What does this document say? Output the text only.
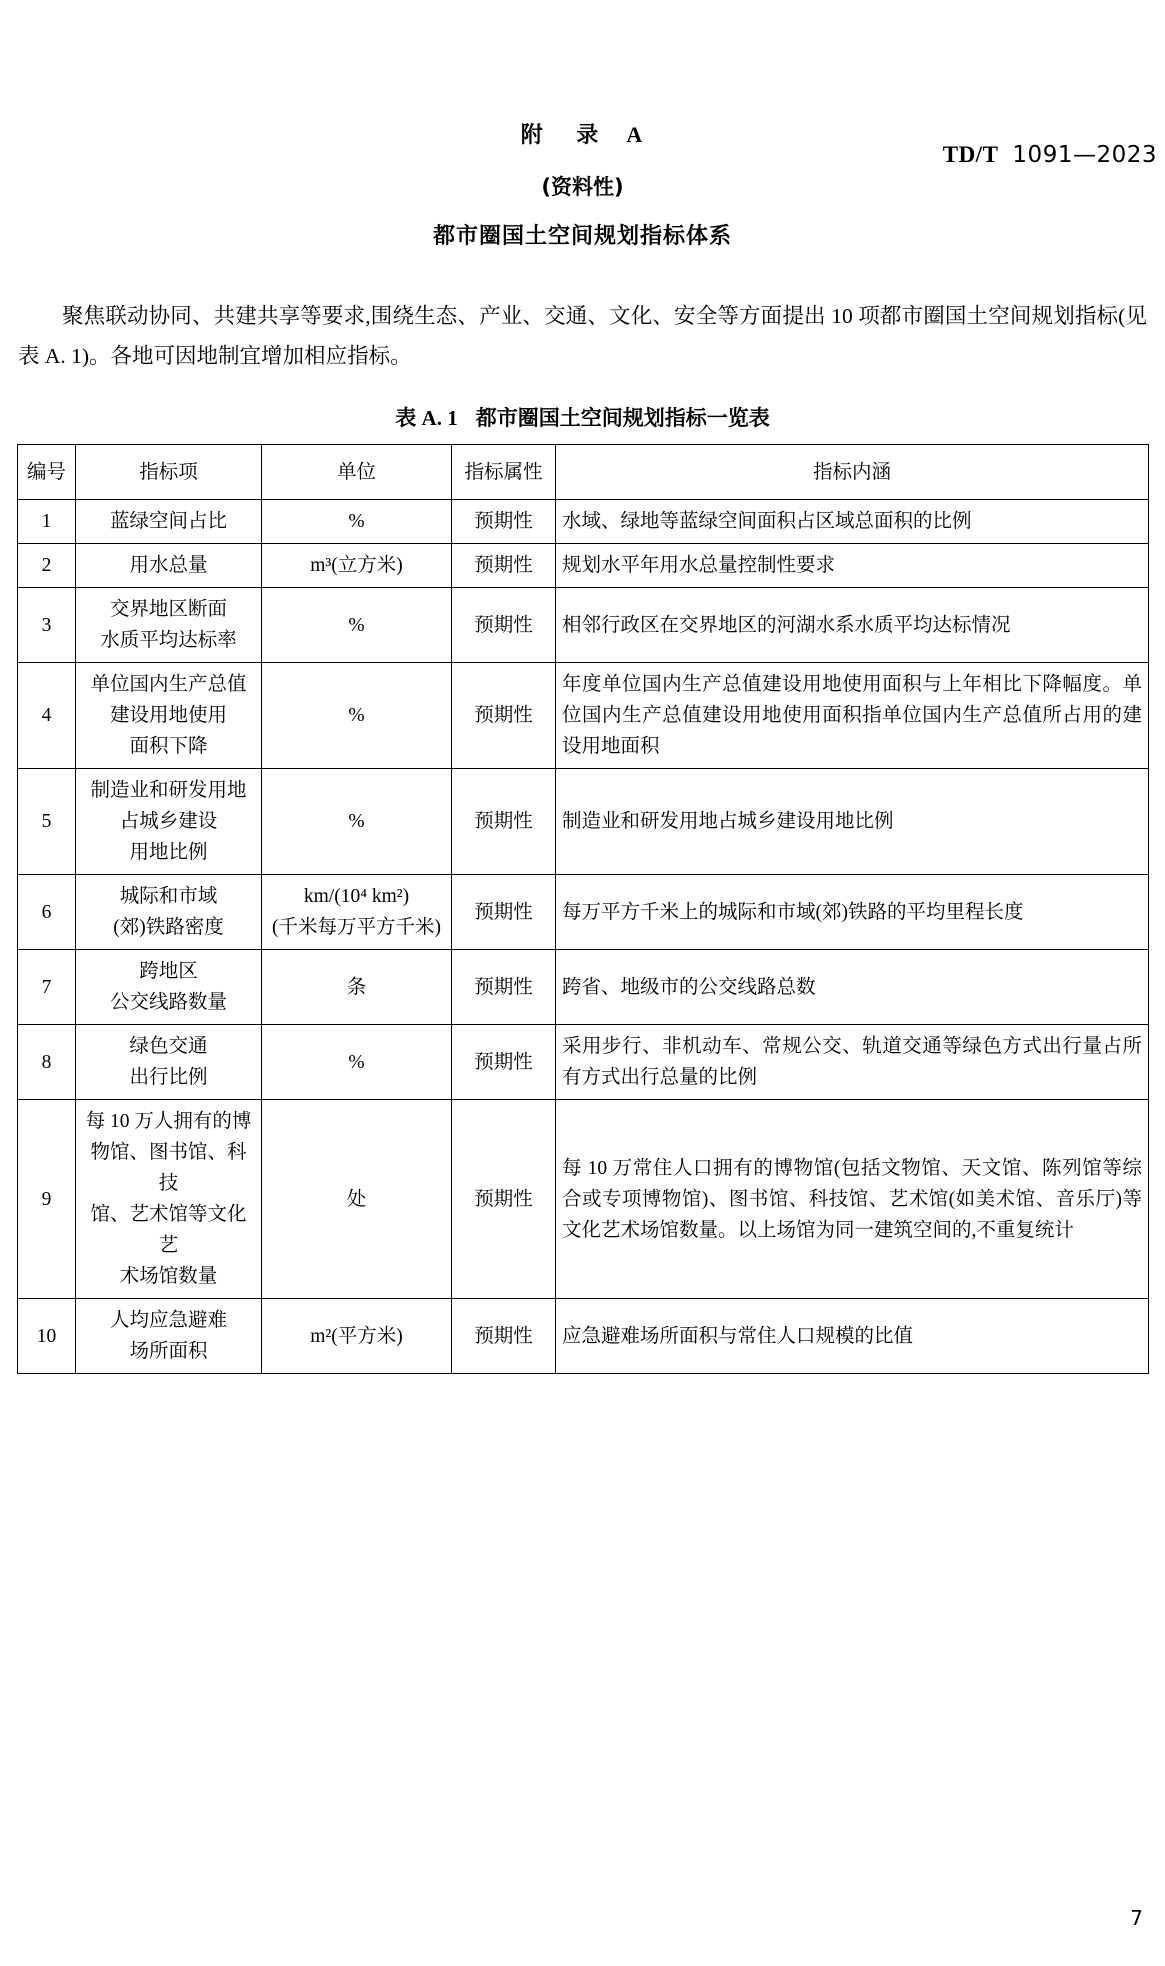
TD/T 1091—2023
附 录 A
(资料性)
都市圈国土空间规划指标体系

聚焦联动协同、共建共享等要求,围绕生态、产业、交通、文化、安全等方面提出 10 项都市圈国土空间规划指标(见表 A. 1)。各地可因地制宜增加相应指标。

表 A. 1 都市圈国土空间规划指标一览表
编号	指标项	单位	指标属性	指标内涵
1	蓝绿空间占比	%	预期性	水域、绿地等蓝绿空间面积占区域总面积的比例
2	用水总量	m³(立方米)	预期性	规划水平年用水总量控制性要求
3	交界地区断面
水质平均达标率	%	预期性	相邻行政区在交界地区的河湖水系水质平均达标情况
4	单位国内生产总值
建设用地使用
面积下降	%	预期性	年度单位国内生产总值建设用地使用面积与上年相比下降幅度。单位国内生产总值建设用地使用面积指单位国内生产总值所占用的建设用地面积
5	制造业和研发用地
占城乡建设
用地比例	%	预期性	制造业和研发用地占城乡建设用地比例
6	城际和市域
(郊)铁路密度	km/(10⁴ km²)
(千米每万平方千米)	预期性	每万平方千米上的城际和市域(郊)铁路的平均里程长度
7	跨地区
公交线路数量	条	预期性	跨省、地级市的公交线路总数
8	绿色交通
出行比例	%	预期性	采用步行、非机动车、常规公交、轨道交通等绿色方式出行量占所有方式出行总量的比例
9	每 10 万人拥有的博
物馆、图书馆、科技
馆、艺术馆等文化艺
术场馆数量	处	预期性	每 10 万常住人口拥有的博物馆(包括文物馆、天文馆、陈列馆等综合或专项博物馆)、图书馆、科技馆、艺术馆(如美术馆、音乐厅)等文化艺术场馆数量。以上场馆为同一建筑空间的,不重复统计
10	人均应急避难
场所面积	m²(平方米)	预期性	应急避难场所面积与常住人口规模的比值
7
